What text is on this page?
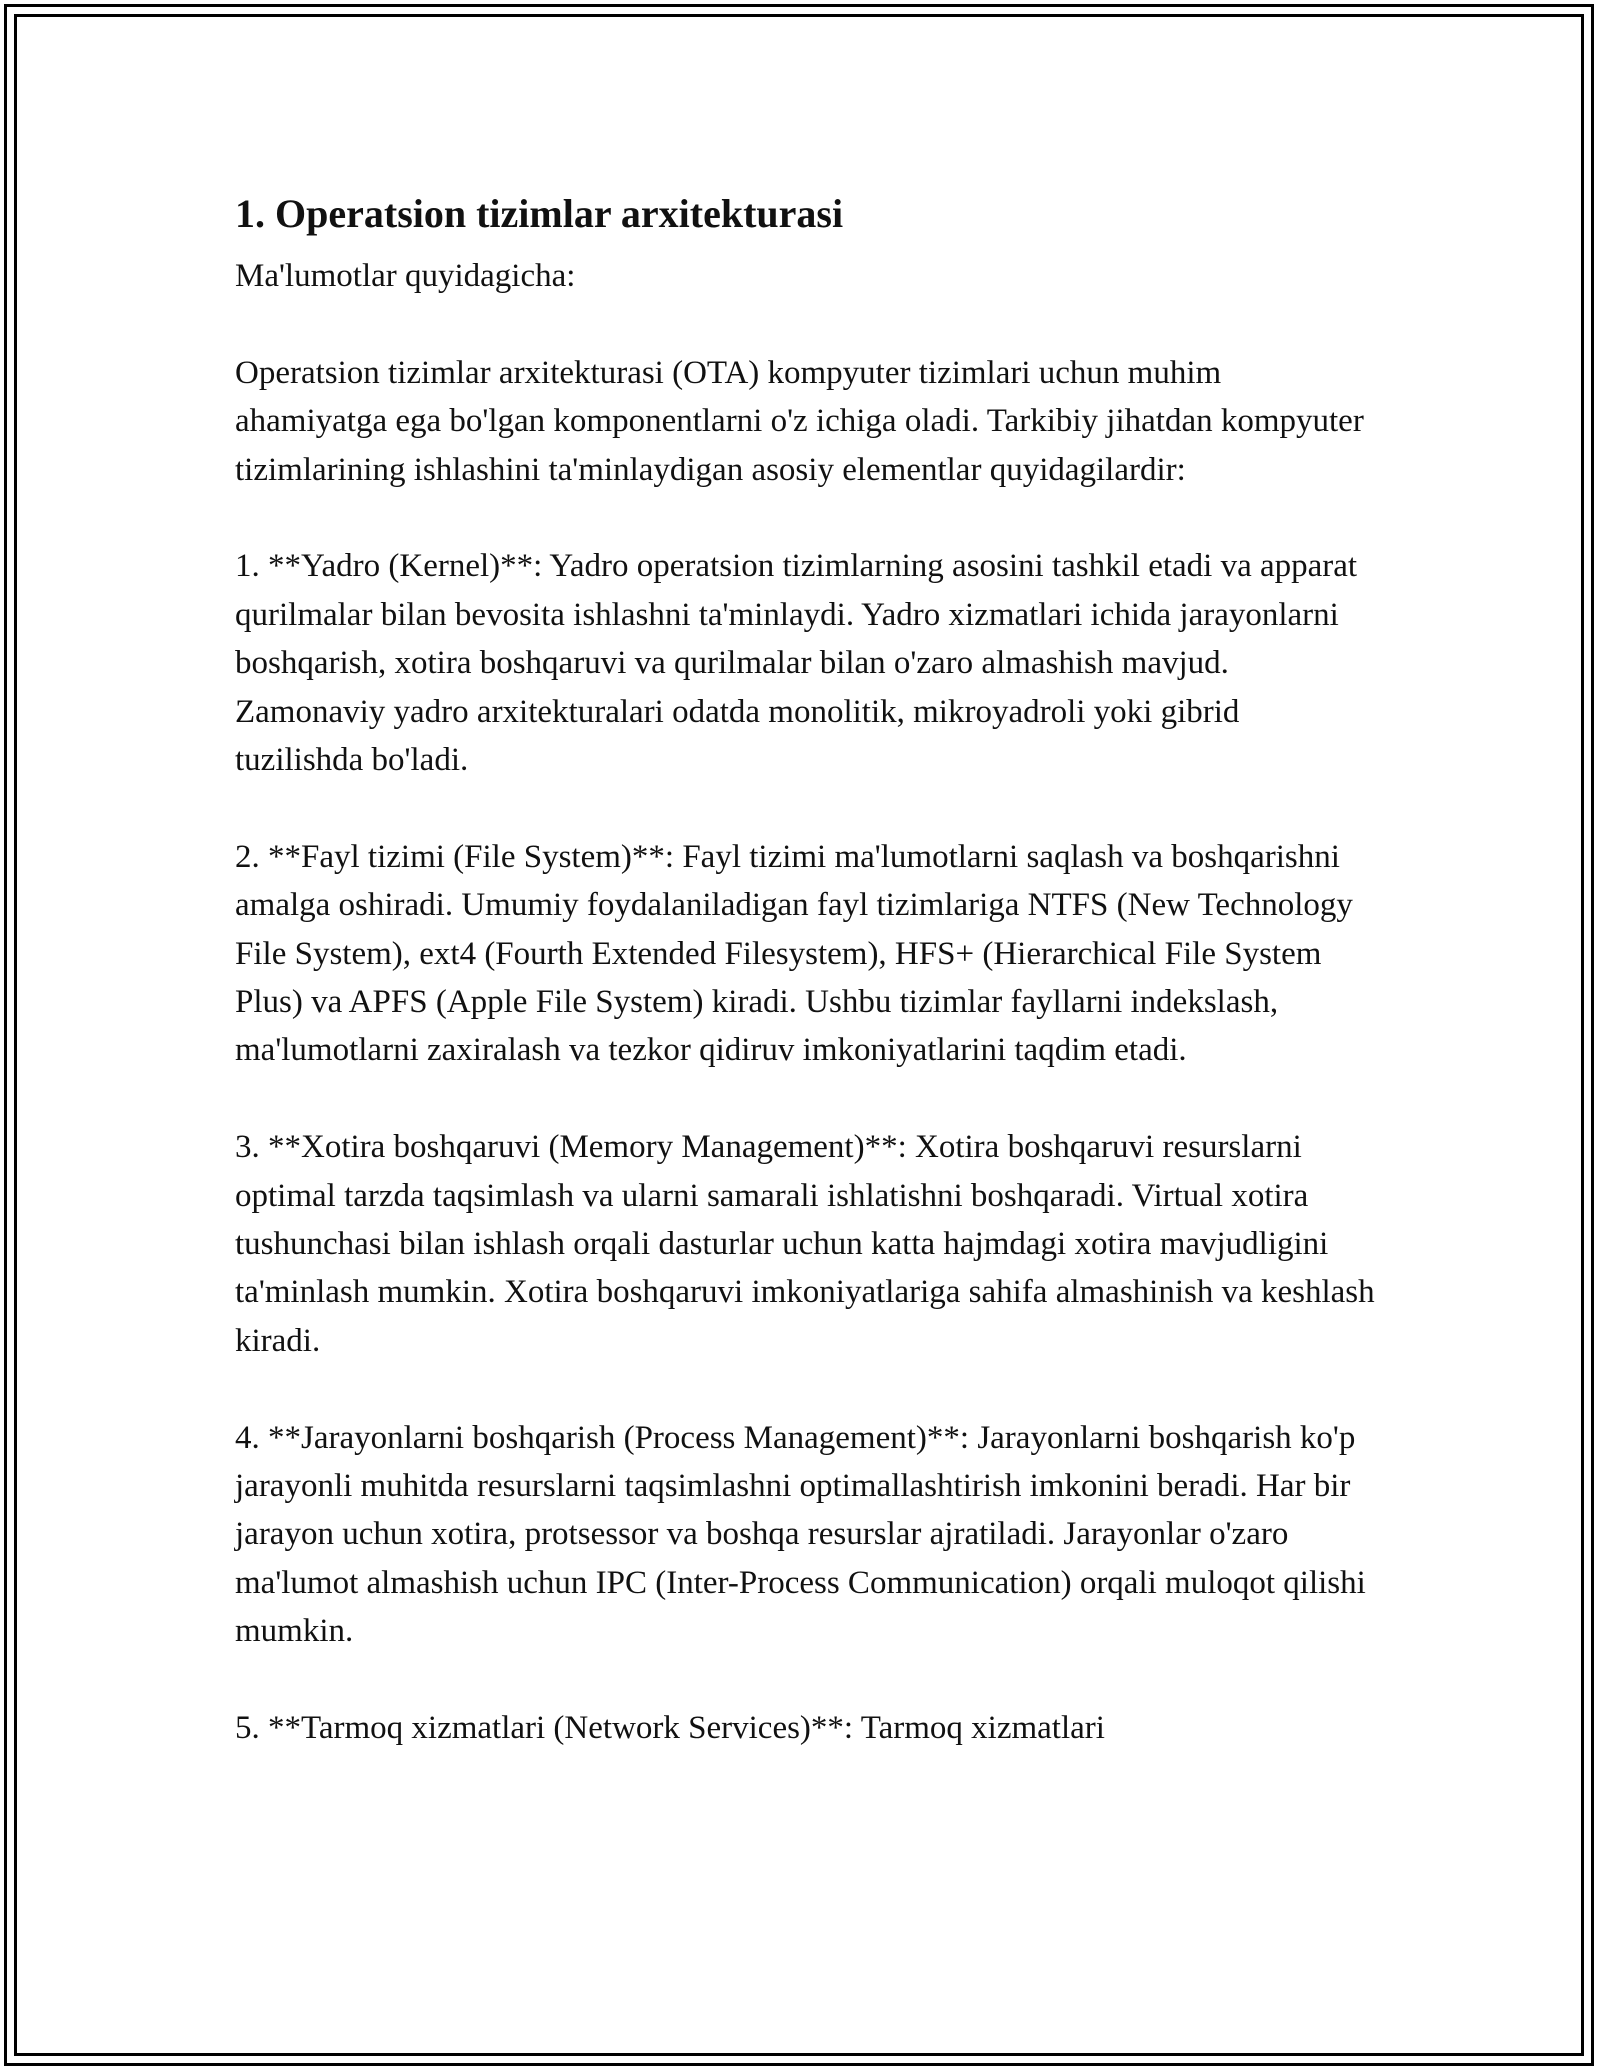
1. Operatsion tizimlar arxitekturasi

Ma'lumotlar quyidagicha:

Operatsion tizimlar arxitekturasi (OTA) kompyuter tizimlari uchun muhim ahamiyatga ega bo'lgan komponentlarni o'z ichiga oladi. Tarkibiy jihatdan kompyuter tizimlarining ishlashini ta'minlaydigan asosiy elementlar quyidagilardir:

1. **Yadro (Kernel)**: Yadro operatsion tizimlarning asosini tashkil etadi va apparat qurilmalar bilan bevosita ishlashni ta'minlaydi. Yadro xizmatlari ichida jarayonlarni boshqarish, xotira boshqaruvi va qurilmalar bilan o'zaro almashish mavjud. Zamonaviy yadro arxitekturalari odatda monolitik, mikroyadroli yoki gibrid tuzilishda bo'ladi.

2. **Fayl tizimi (File System)**: Fayl tizimi ma'lumotlarni saqlash va boshqarishni amalga oshiradi. Umumiy foydalaniladigan fayl tizimlariga NTFS (New Technology File System), ext4 (Fourth Extended Filesystem), HFS+ (Hierarchical File System Plus) va APFS (Apple File System) kiradi. Ushbu tizimlar fayllarni indekslash, ma'lumotlarni zaxiralash va tezkor qidiruv imkoniyatlarini taqdim etadi.

3. **Xotira boshqaruvi (Memory Management)**: Xotira boshqaruvi resurslarni optimal tarzda taqsimlash va ularni samarali ishlatishni boshqaradi. Virtual xotira tushunchasi bilan ishlash orqali dasturlar uchun katta hajmdagi xotira mavjudligini ta'minlash mumkin. Xotira boshqaruvi imkoniyatlariga sahifa almashinish va keshlash kiradi.

4. **Jarayonlarni boshqarish (Process Management)**: Jarayonlarni boshqarish ko'p jarayonli muhitda resurslarni taqsimlashni optimallashtirish imkonini beradi. Har bir jarayon uchun xotira, protsessor va boshqa resurslar ajratiladi. Jarayonlar o'zaro ma'lumot almashish uchun IPC (Inter-Process Communication) orqali muloqot qilishi mumkin.

5. **Tarmoq xizmatlari (Network Services)**: Tarmoq xizmatlari
